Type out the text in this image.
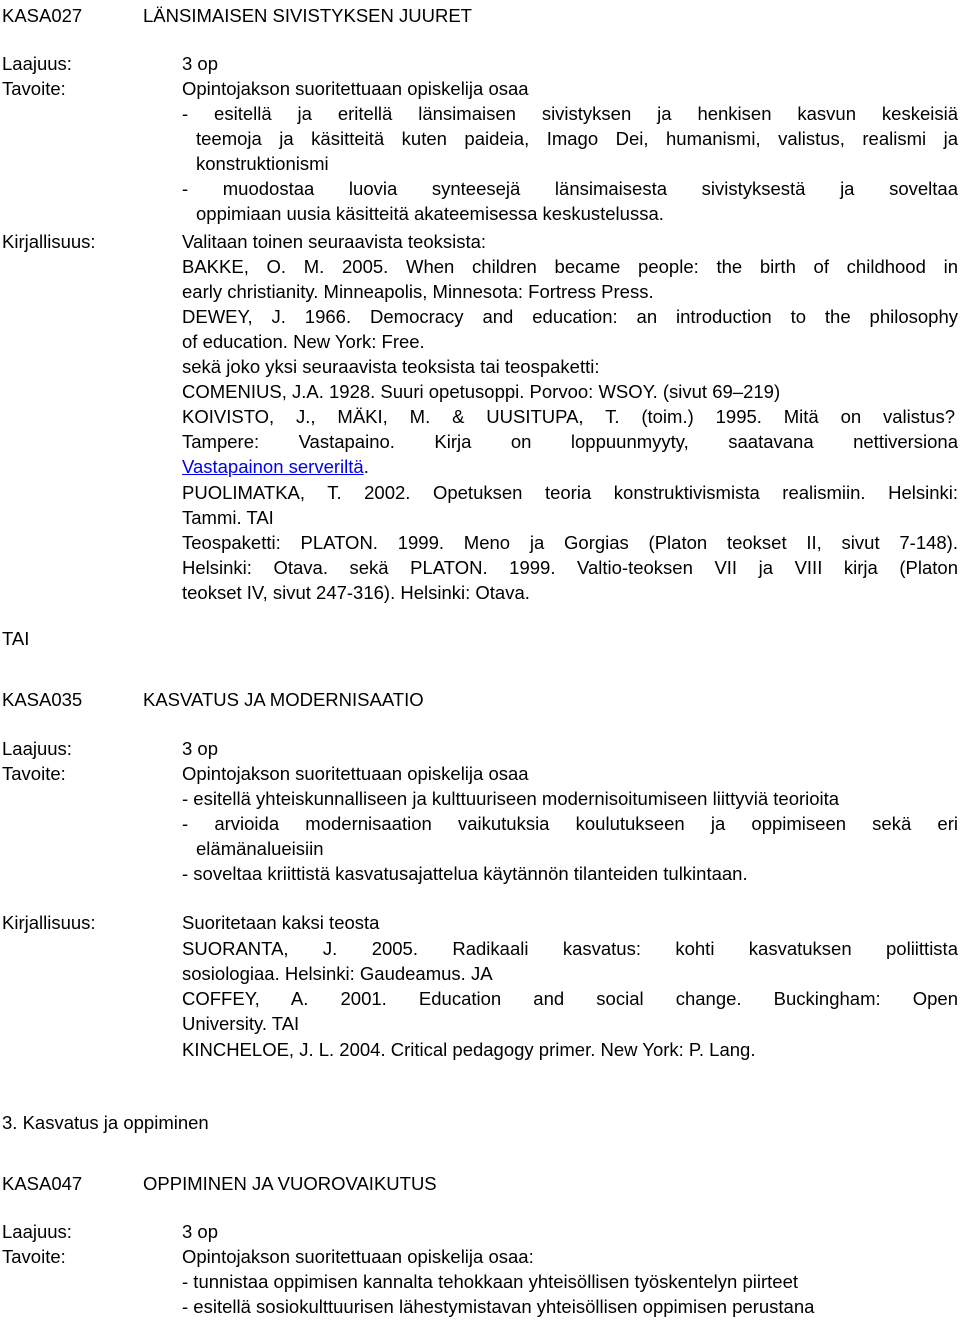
KASA027	LÄNSIMAISEN SIVISTYKSEN JUURET
Laajuus:	3 op
Tavoite:	Opintojakson suoritettuaan opiskelija osaa
- esitellä ja eritellä länsimaisen sivistyksen ja henkisen kasvun keskeisiä
teemoja ja käsitteitä kuten paideia, Imago Dei, humanismi, valistus, realismi ja
konstruktionismi
- muodostaa luovia synteesejä länsimaisesta sivistyksestä ja soveltaa
oppimiaan uusia käsitteitä akateemisessa keskustelussa.
Kirjallisuus:	Valitaan toinen seuraavista teoksista:
BAKKE, O. M. 2005. When children became people: the birth of childhood in
early christianity. Minneapolis, Minnesota: Fortress Press.
DEWEY, J. 1966. Democracy and education: an introduction to the philosophy
of education. New York: Free.
sekä joko yksi seuraavista teoksista tai teospaketti:
COMENIUS, J.A. 1928. Suuri opetusoppi. Porvoo: WSOY. (sivut 69–219)
KOIVISTO, J., MÄKI, M. & UUSITUPA, T. (toim.) 1995. Mitä on valistus?
Tampere: Vastapaino. Kirja on loppuunmyyty, saatavana nettiversiona
Vastapainon serveriltä.
PUOLIMATKA, T. 2002. Opetuksen teoria konstruktivismista realismiin. Helsinki:
Tammi. TAI
Teospaketti: PLATON. 1999. Meno ja Gorgias (Platon teokset II, sivut 7-148).
Helsinki: Otava. sekä PLATON. 1999. Valtio-teoksen VII ja VIII kirja (Platon
teokset IV, sivut 247-316). Helsinki: Otava.
TAI
KASA035	KASVATUS JA MODERNISAATIO
Laajuus:	3 op
Tavoite:	Opintojakson suoritettuaan opiskelija osaa
- esitellä yhteiskunnalliseen ja kulttuuriseen modernisoitumiseen liittyviä teorioita
- arvioida modernisaation vaikutuksia koulutukseen ja oppimiseen sekä eri
elämänalueisiin
- soveltaa kriittistä kasvatusajattelua käytännön tilanteiden tulkintaan.
Kirjallisuus:	Suoritetaan kaksi teosta
SUORANTA, J. 2005. Radikaali kasvatus: kohti kasvatuksen poliittista
sosiologiaa. Helsinki: Gaudeamus. JA
COFFEY, A. 2001. Education and social change. Buckingham: Open
University. TAI
KINCHELOE, J. L. 2004. Critical pedagogy primer. New York: P. Lang.
3. Kasvatus ja oppiminen
KASA047	OPPIMINEN JA VUOROVAIKUTUS
Laajuus:	3 op
Tavoite:	Opintojakson suoritettuaan opiskelija osaa:
- tunnistaa oppimisen kannalta tehokkaan yhteisöllisen työskentelyn piirteet
- esitellä sosiokulttuurisen lähestymistavan yhteisöllisen oppimisen perustana
